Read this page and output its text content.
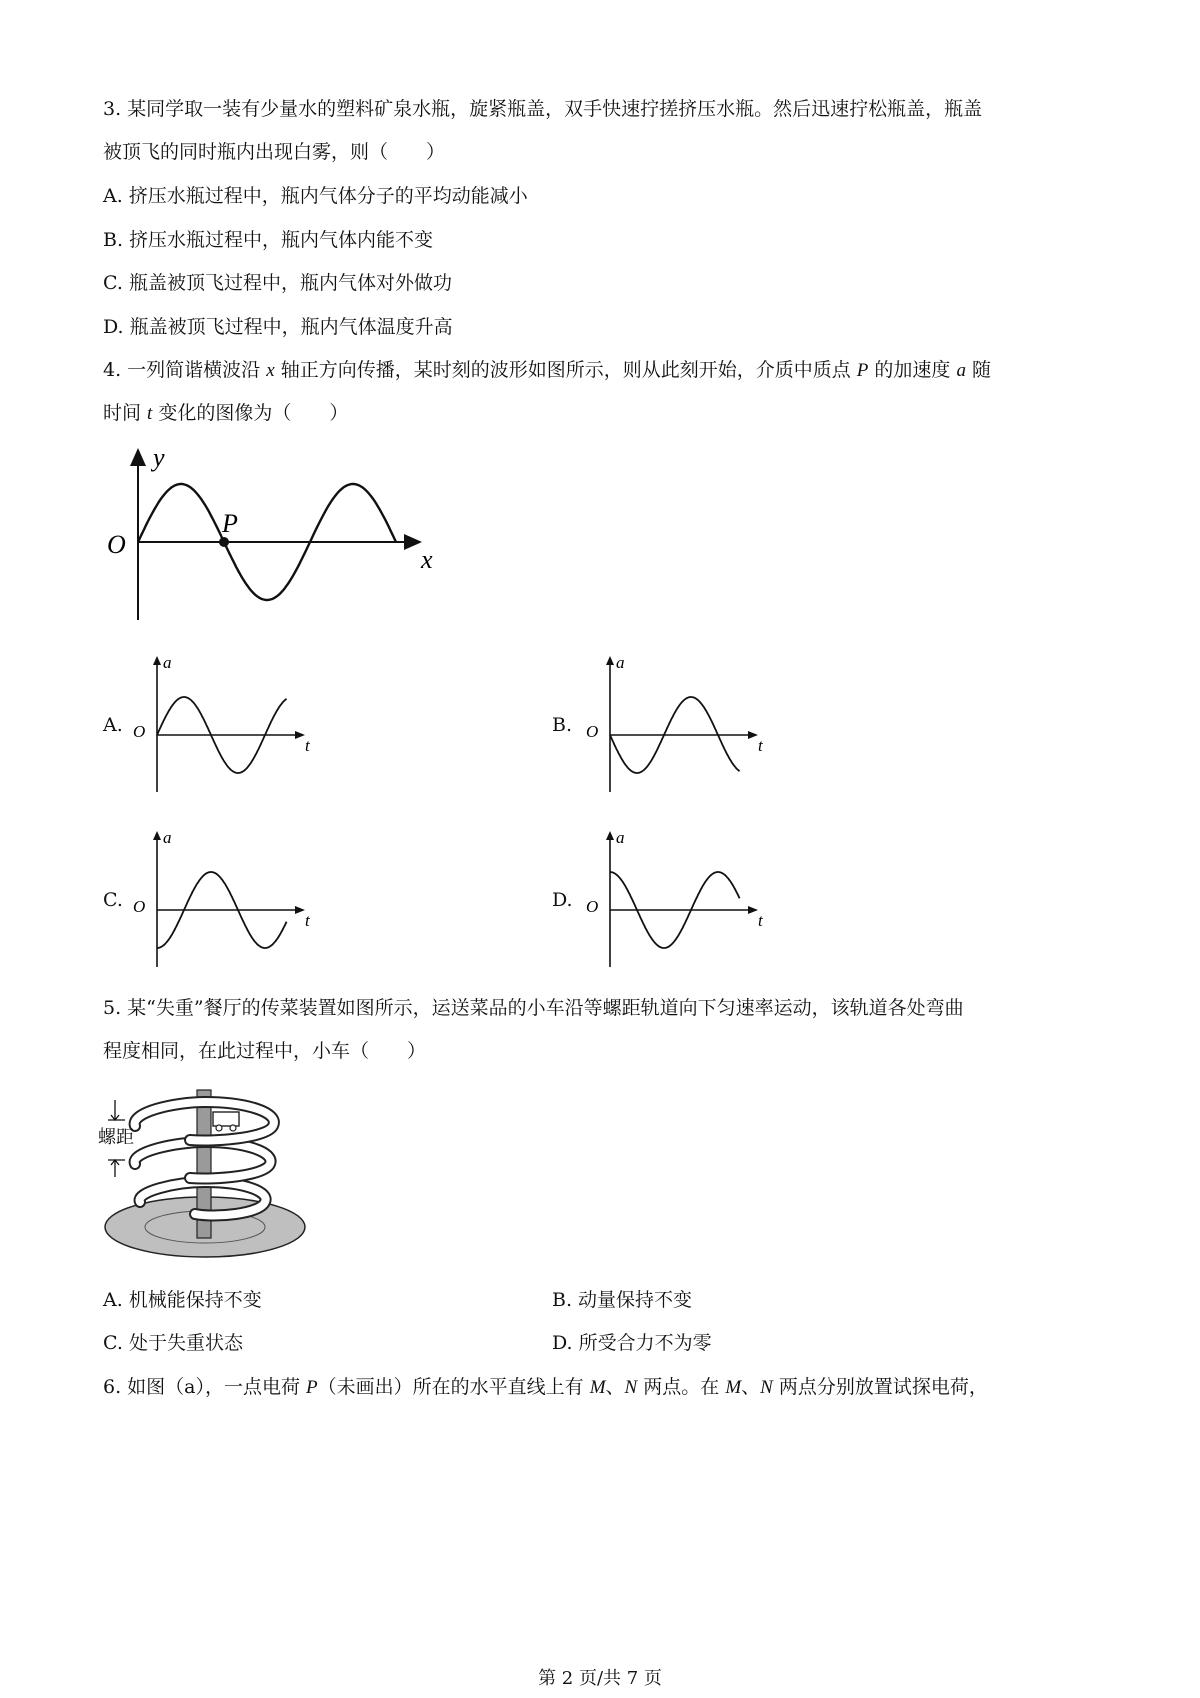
3. 某同学取一装有少量水的塑料矿泉水瓶，旋紧瓶盖，双手快速拧搓挤压水瓶。然后迅速拧松瓶盖，瓶盖
被顶飞的同时瓶内出现白雾，则（　　）
A. 挤压水瓶过程中，瓶内气体分子的平均动能减小
B. 挤压水瓶过程中，瓶内气体内能不变
C. 瓶盖被顶飞过程中，瓶内气体对外做功
D. 瓶盖被顶飞过程中，瓶内气体温度升高
4. 一列简谐横波沿 x 轴正方向传播，某时刻的波形如图所示，则从此刻开始，介质中质点 P 的加速度 a 随
时间 t 变化的图像为（　　）
P
y
x
O
A.	B.
C.	D.
a
t
O
a
t
O
a
t
O
a
t
O
5. 某“失重”餐厅的传菜装置如图所示，运送菜品的小车沿等螺距轨道向下匀速率运动，该轨道各处弯曲
程度相同，在此过程中，小车（　　）
螺距
A. 机械能保持不变	B. 动量保持不变
C. 处于失重状态	D. 所受合力不为零
6. 如图（a），一点电荷 P（未画出）所在的水平直线上有 M、N 两点。在 M、N 两点分别放置试探电荷，
第 2 页/共 7 页
